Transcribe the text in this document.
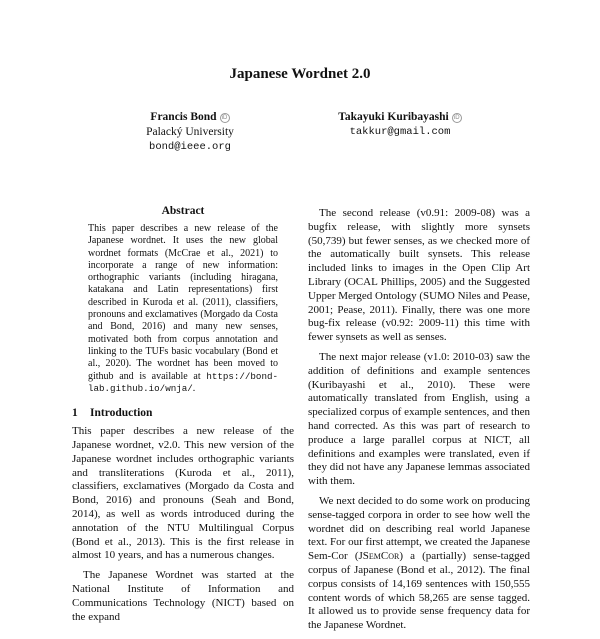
Japanese Wordnet 2.0
Francis Bond iD
Palacký University
bond@ieee.org
Takayuki Kuribayashi iD
takkur@gmail.com
Abstract
This paper describes a new release of the Japanese wordnet. It uses the new global wordnet formats (McCrae et al., 2021) to incorporate a range of new information: orthographic variants (including hiragana, katakana and Latin representations) first described in Kuroda et al. (2011), classifiers, pronouns and exclamatives (Morgado da Costa and Bond, 2016) and many new senses, motivated both from corpus annotation and linking to the TUFs basic vocabulary (Bond et al., 2020). The wordnet has been moved to github and is available at https://bond-lab.github.io/wnja/.
1 Introduction

This paper describes a new release of the Japanese wordnet, v2.0. This new version of the Japanese wordnet includes orthographic variants and transliterations (Kuroda et al., 2011), classifiers, exclamatives (Morgado da Costa and Bond, 2016) and pronouns (Seah and Bond, 2014), as well as words introduced during the annotation of the NTU Multilingual Corpus (Bond et al., 2013). This is the first release in almost 10 years, and has a numerous changes.

The Japanese Wordnet was started at the National Institute of Information and Communications Technology (NICT) based on the expand

The second release (v0.91: 2009-08) was a bugfix release, with slightly more synsets (50,739) but fewer senses, as we checked more of the automatically built synsets. This release included links to images in the Open Clip Art Library (OCAL Phillips, 2005) and the Suggested Upper Merged Ontology (SUMO Niles and Pease, 2001; Pease, 2011). Finally, there was one more bug-fix release (v0.92: 2009-11) this time with fewer synsets as well as senses.

The next major release (v1.0: 2010-03) saw the addition of definitions and example sentences (Kuribayashi et al., 2010). These were automatically translated from English, using a specialized corpus of example sentences, and then hand corrected. As this was part of research to produce a large parallel corpus at NICT, all definitions and examples were translated, even if they did not have any Japanese lemmas associated with them.

We next decided to do some work on producing sense-tagged corpora in order to see how well the wordnet did on describing real world Japanese text. For our first attempt, we created the Japanese Sem-Cor (JSemCor) a (partially) sense-tagged corpus of Japanese (Bond et al., 2012). The final corpus consists of 14,169 sentences with 150,555 content words of which 58,265 are sense tagged. It allowed us to provide sense frequency data for the Japanese Wordnet.
